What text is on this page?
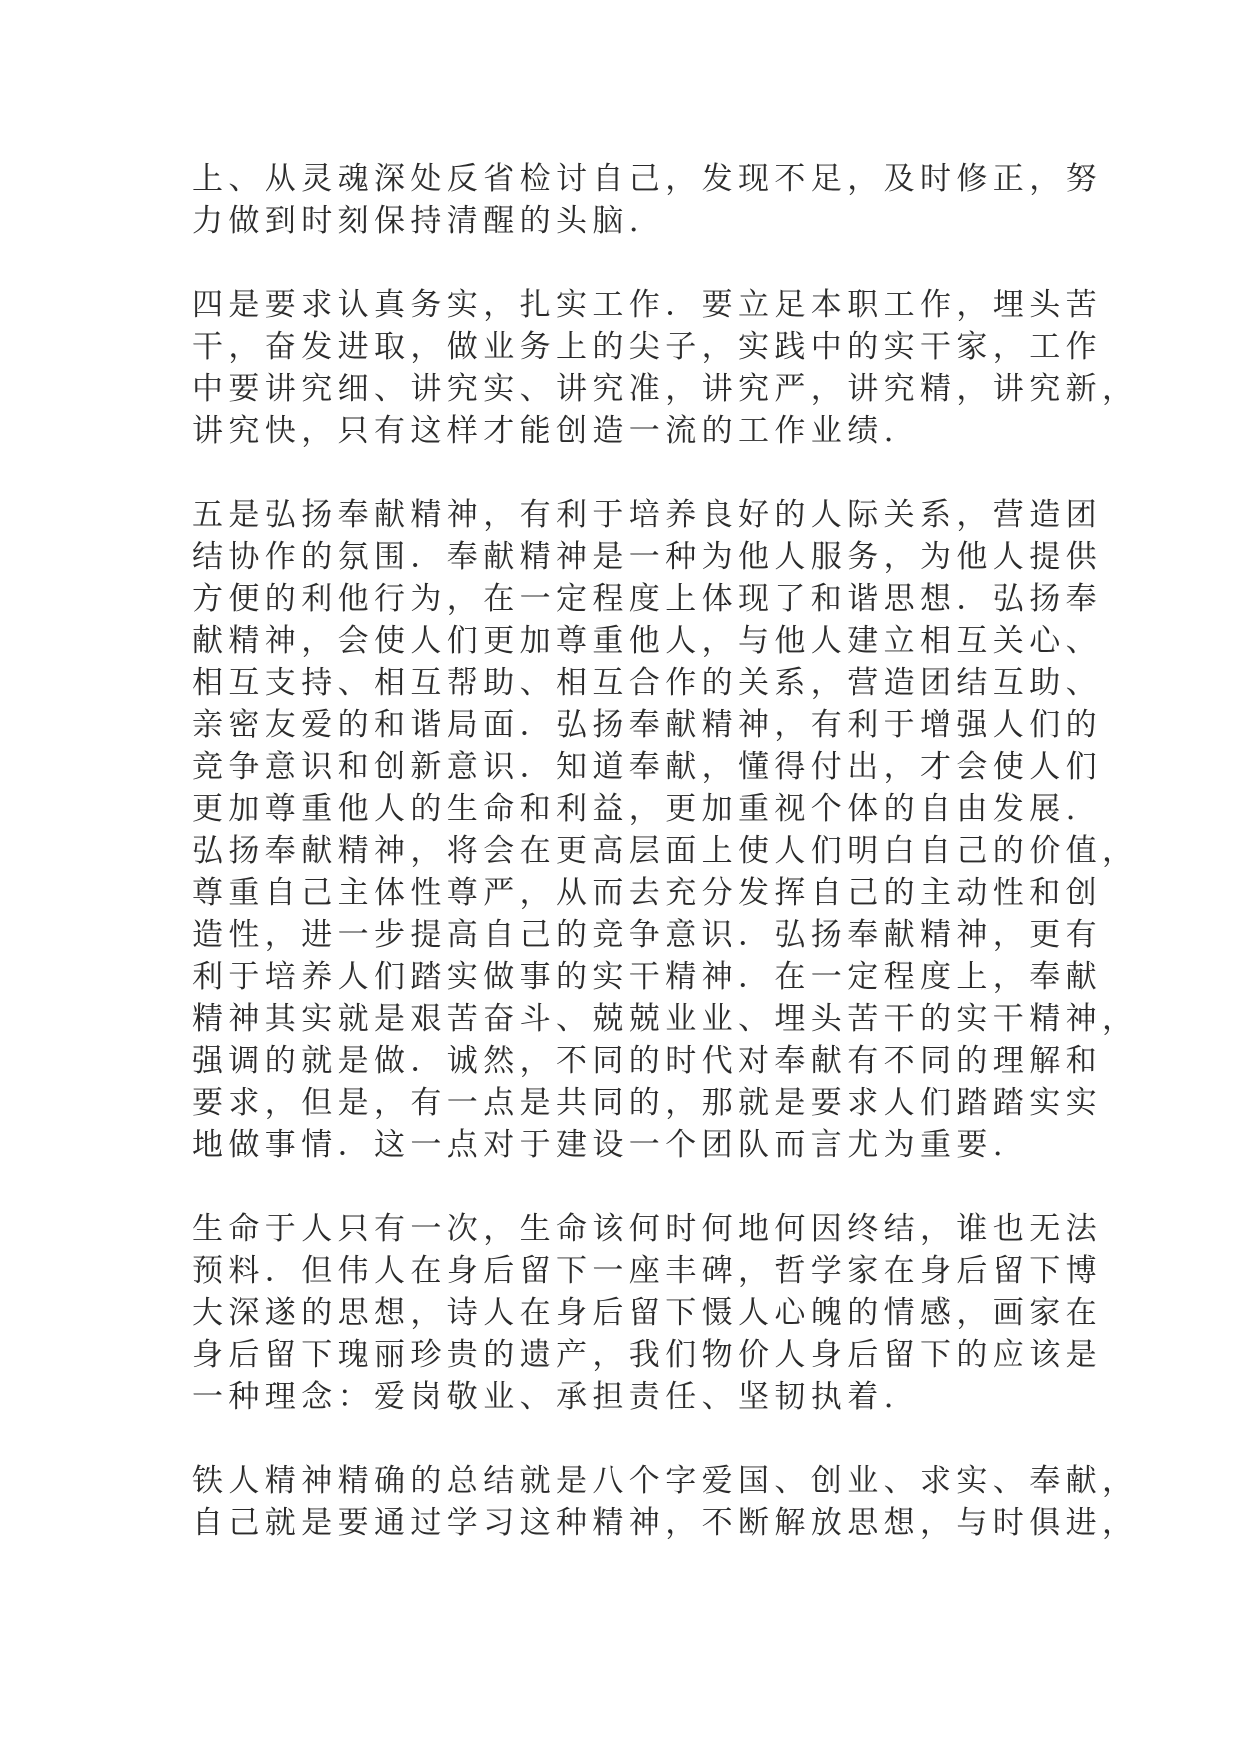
上、从灵魂深处反省检讨自己，发现不足，及时修正，努
力做到时刻保持清醒的头脑.
四是要求认真务实，扎实工作．要立足本职工作，埋头苦
干，奋发进取，做业务上的尖子，实践中的实干家，工作
中要讲究细、讲究实、讲究准，讲究严，讲究精，讲究新，
讲究快，只有这样才能创造一流的工作业绩.
五是弘扬奉献精神，有利于培养良好的人际关系，营造团
结协作的氛围．奉献精神是一种为他人服务，为他人提供
方便的利他行为，在一定程度上体现了和谐思想．弘扬奉
献精神，会使人们更加尊重他人，与他人建立相互关心、
相互支持、相互帮助、相互合作的关系，营造团结互助、
亲密友爱的和谐局面．弘扬奉献精神，有利于增强人们的
竞争意识和创新意识．知道奉献，懂得付出，才会使人们
更加尊重他人的生命和利益，更加重视个体的自由发展.
弘扬奉献精神，将会在更高层面上使人们明白自己的价值，
尊重自己主体性尊严，从而去充分发挥自己的主动性和创
造性，进一步提高自己的竞争意识．弘扬奉献精神，更有
利于培养人们踏实做事的实干精神．在一定程度上，奉献
精神其实就是艰苦奋斗、兢兢业业、埋头苦干的实干精神，
强调的就是做．诚然，不同的时代对奉献有不同的理解和
要求，但是，有一点是共同的，那就是要求人们踏踏实实
地做事情．这一点对于建设一个团队而言尤为重要.
生命于人只有一次，生命该何时何地何因终结，谁也无法
预料．但伟人在身后留下一座丰碑，哲学家在身后留下博
大深遂的思想，诗人在身后留下慑人心魄的情感，画家在
身后留下瑰丽珍贵的遗产，我们物价人身后留下的应该是
一种理念：爱岗敬业、承担责任、坚韧执着.
铁人精神精确的总结就是八个字爱国、创业、求实、奉献，
自己就是要通过学习这种精神，不断解放思想，与时俱进，
